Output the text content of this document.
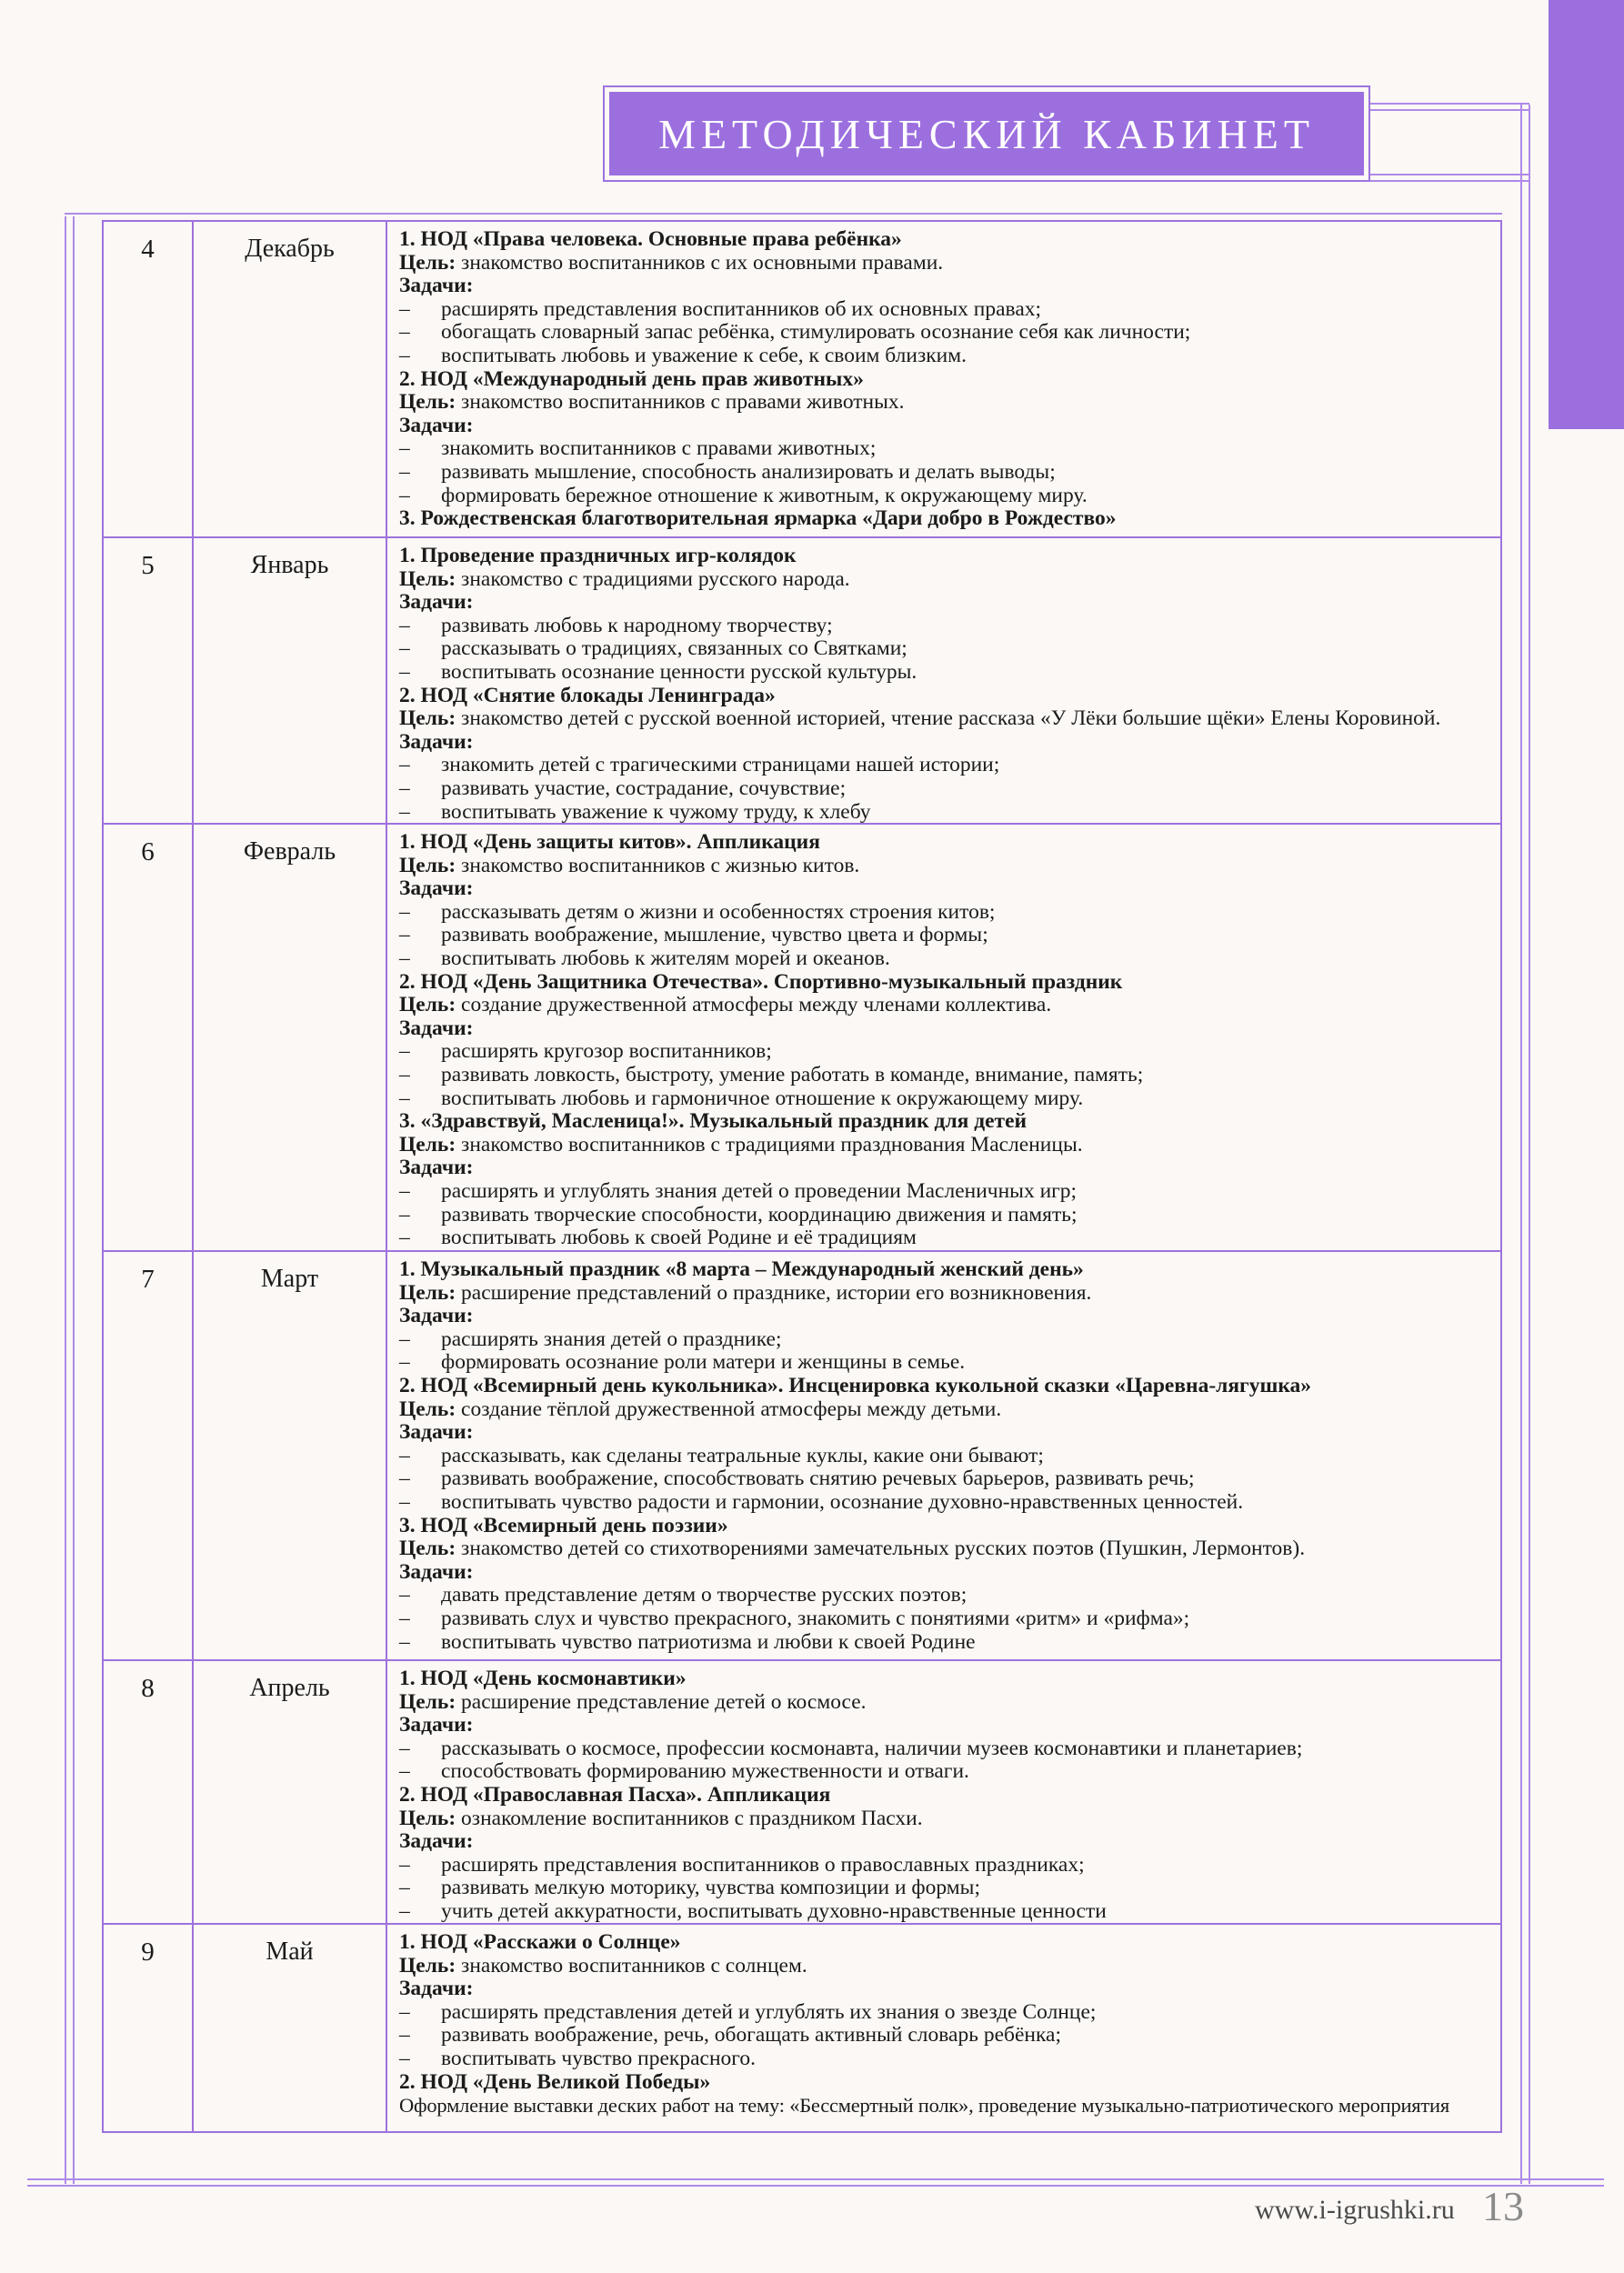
МЕТОДИЧЕСКИЙ КАБИНЕТ
4	Декабрь	1. НОД «Права человека. Основные права ребёнка»
Цель: знакомство воспитанников с их основными правами.
Задачи:
–	расширять представления воспитанников об их основных правах;
–	обогащать словарный запас ребёнка, стимулировать осознание себя как личности;
–	воспитывать любовь и уважение к себе, к своим близким.
2. НОД «Международный день прав животных»
Цель: знакомство воспитанников с правами животных.
Задачи:
–	знакомить воспитанников с правами животных;
–	развивать мышление, способность анализировать и делать выводы;
–	формировать бережное отношение к животным, к окружающему миру.
3. Рождественская благотворительная ярмарка «Дари добро в Рождество»
5	Январь	1. Проведение праздничных игр-колядок
Цель: знакомство с традициями русского народа.
Задачи:
–	развивать любовь к народному творчеству;
–	рассказывать о традициях, связанных со Святками;
–	воспитывать осознание ценности русской культуры.
2. НОД «Снятие блокады Ленинграда»
Цель: знакомство детей с русской военной историей, чтение рассказа «У Лёки большие щёки» Елены Коровиной.
Задачи:
–	знакомить детей с трагическими страницами нашей истории;
–	развивать участие, сострадание, сочувствие;
–	воспитывать уважение к чужому труду, к хлебу
6	Февраль	1. НОД «День защиты китов». Аппликация
Цель: знакомство воспитанников с жизнью китов.
Задачи:
–	рассказывать детям о жизни и особенностях строения китов;
–	развивать воображение, мышление, чувство цвета и формы;
–	воспитывать любовь к жителям морей и океанов.
2. НОД «День Защитника Отечества». Спортивно-музыкальный праздник
Цель: создание дружественной атмосферы между членами коллектива.
Задачи:
–	расширять кругозор воспитанников;
–	развивать ловкость, быстроту, умение работать в команде, внимание, память;
–	воспитывать любовь и гармоничное отношение к окружающему миру.
3. «Здравствуй, Масленица!». Музыкальный праздник для детей
Цель: знакомство воспитанников с традициями празднования Масленицы.
Задачи:
–	расширять и углублять знания детей о проведении Масленичных игр;
–	развивать творческие способности, координацию движения и память;
–	воспитывать любовь к своей Родине и её традициям
7	Март	1. Музыкальный праздник «8 марта – Международный женский день»
Цель: расширение представлений о празднике, истории его возникновения.
Задачи:
–	расширять знания детей о празднике;
–	формировать осознание роли матери и женщины в семье.
2. НОД «Всемирный день кукольника». Инсценировка кукольной сказки «Царевна-лягушка»
Цель: создание тёплой дружественной атмосферы между детьми.
Задачи:
–	рассказывать, как сделаны театральные куклы, какие они бывают;
–	развивать воображение, способствовать снятию речевых барьеров, развивать речь;
–	воспитывать чувство радости и гармонии, осознание духовно-нравственных ценностей.
3. НОД «Всемирный день поэзии»
Цель: знакомство детей со стихотворениями замечательных русских поэтов (Пушкин, Лермонтов).
Задачи:
–	давать представление детям о творчестве русских поэтов;
–	развивать слух и чувство прекрасного, знакомить с понятиями «ритм» и «рифма»;
–	воспитывать чувство патриотизма и любви к своей Родине
8	Апрель	1. НОД «День космонавтики»
Цель: расширение представление детей о космосе.
Задачи:
–	рассказывать о космосе, профессии космонавта, наличии музеев космонавтики и планетариев;
–	способствовать формированию мужественности и отваги.
2. НОД «Православная Пасха». Аппликация
Цель: ознакомление воспитанников с праздником Пасхи.
Задачи:
–	расширять представления воспитанников о православных праздниках;
–	развивать мелкую моторику, чувства композиции и формы;
–	учить детей аккуратности, воспитывать духовно-нравственные ценности
9	Май	1. НОД «Расскажи о Солнце»
Цель: знакомство воспитанников с солнцем.
Задачи:
–	расширять представления детей и углублять их знания о звезде Солнце;
–	развивать воображение, речь, обогащать активный словарь ребёнка;
–	воспитывать чувство прекрасного.
2. НОД «День Великой Победы»
Оформление выставки деских работ на тему: «Бессмертный полк», проведение музыкально-патриотического мероприятия
www.i-igrushki.ru 13
